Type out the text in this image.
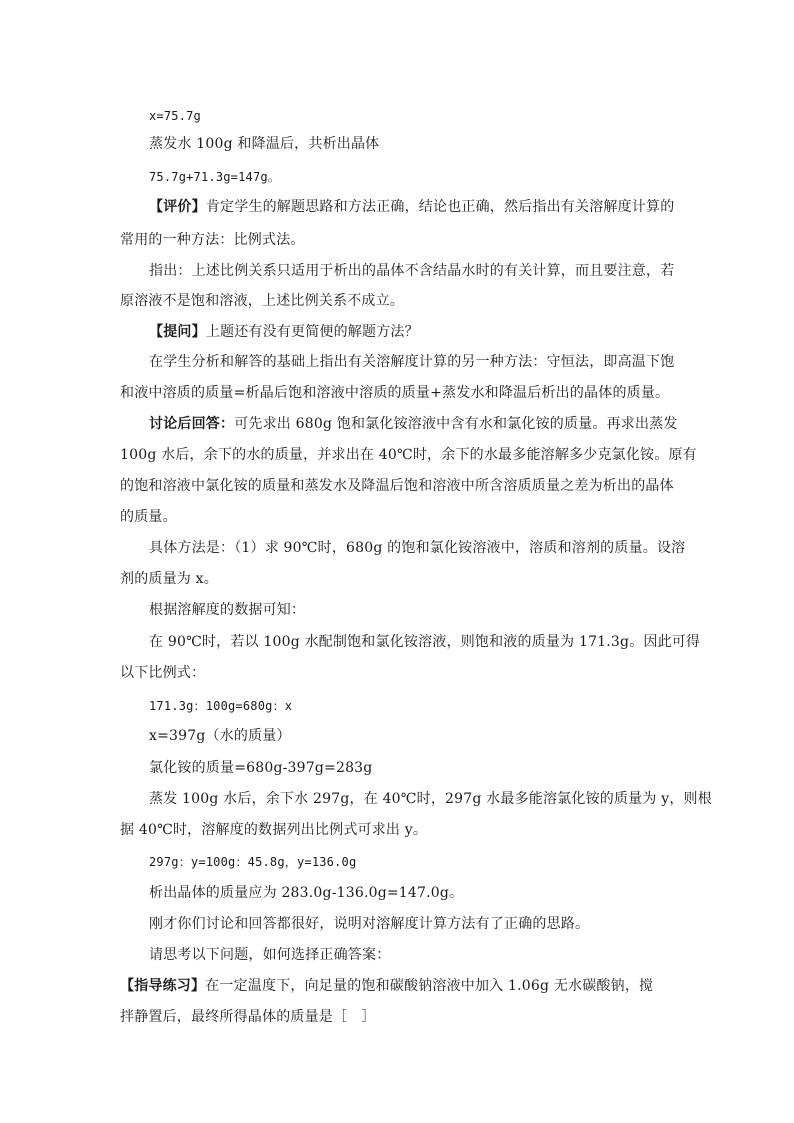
x=75.7g
蒸发水 100g 和降温后，共析出晶体
75.7g+71.3g=147g。
【评价】肯定学生的解题思路和方法正确，结论也正确，然后指出有关溶解度计算的
常用的一种方法：比例式法。
指出：上述比例关系只适用于析出的晶体不含结晶水时的有关计算，而且要注意，若
原溶液不是饱和溶液，上述比例关系不成立。
【提问】上题还有没有更简便的解题方法？
在学生分析和解答的基础上指出有关溶解度计算的另一种方法：守恒法，即高温下饱
和液中溶质的质量=析晶后饱和溶液中溶质的质量+蒸发水和降温后析出的晶体的质量。
讨论后回答：可先求出 680g 饱和氯化铵溶液中含有水和氯化铵的质量。再求出蒸发
100g 水后，余下的水的质量，并求出在 40℃时，余下的水最多能溶解多少克氯化铵。原有
的饱和溶液中氯化铵的质量和蒸发水及降温后饱和溶液中所含溶质质量之差为析出的晶体
的质量。
具体方法是：（1）求 90℃时，680g 的饱和氯化铵溶液中，溶质和溶剂的质量。设溶
剂的质量为 x。
根据溶解度的数据可知：
在 90℃时，若以 100g 水配制饱和氯化铵溶液，则饱和液的质量为 171.3g。因此可得
以下比例式：
171.3g：100g=680g：x
x=397g（水的质量）
氯化铵的质量=680g-397g=283g
蒸发 100g 水后，余下水 297g，在 40℃时，297g 水最多能溶氯化铵的质量为 y，则根
据 40℃时，溶解度的数据列出比例式可求出 y。
297g：y=100g：45.8g，y=136.0g
析出晶体的质量应为 283.0g-136.0g=147.0g。
刚才你们讨论和回答都很好，说明对溶解度计算方法有了正确的思路。
请思考以下问题，如何选择正确答案：
【指导练习】在一定温度下，向足量的饱和碳酸钠溶液中加入 1.06g 无水碳酸钠，搅
拌静置后，最终所得晶体的质量是［　］
